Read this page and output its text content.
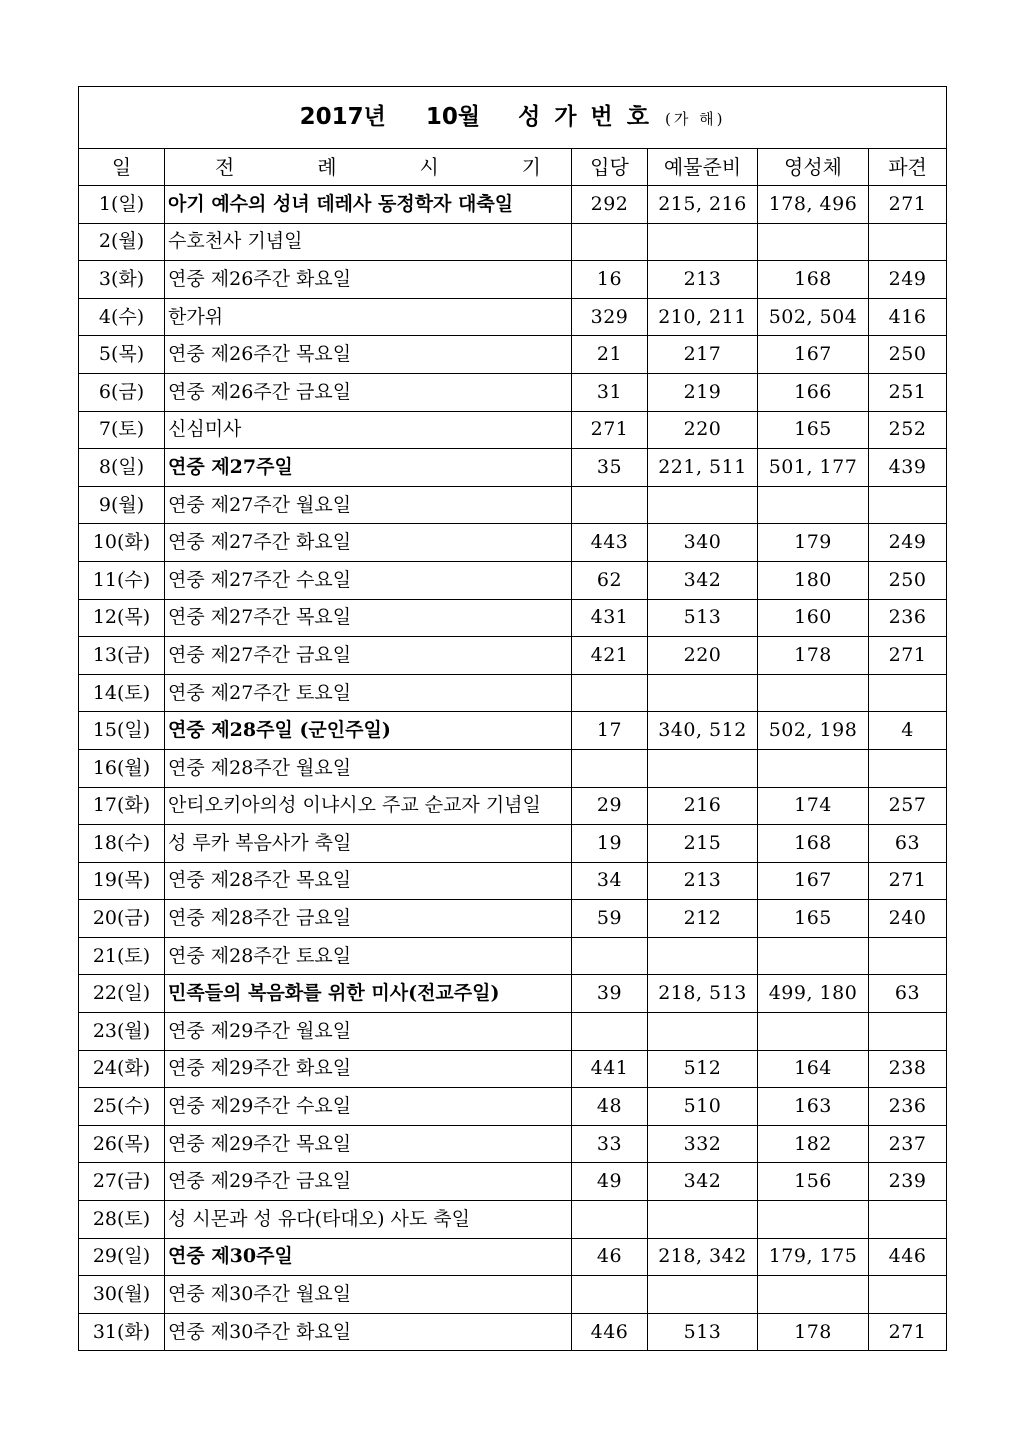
2017년 10월 성가번호 (가 해)					
일	전 례 시 기	입당	예물준비	영성체	파견
1(일)	아기 예수의 성녀 데레사 동정학자 대축일	292	215, 216	178, 496	271
2(월)	수호천사 기념일				
3(화)	연중 제26주간 화요일	16	213	168	249
4(수)	한가위	329	210, 211	502, 504	416
5(목)	연중 제26주간 목요일	21	217	167	250
6(금)	연중 제26주간 금요일	31	219	166	251
7(토)	신심미사	271	220	165	252
8(일)	연중 제27주일	35	221, 511	501, 177	439
9(월)	연중 제27주간 월요일				
10(화)	연중 제27주간 화요일	443	340	179	249
11(수)	연중 제27주간 수요일	62	342	180	250
12(목)	연중 제27주간 목요일	431	513	160	236
13(금)	연중 제27주간 금요일	421	220	178	271
14(토)	연중 제27주간 토요일				
15(일)	연중 제28주일 (군인주일)	17	340, 512	502, 198	4
16(월)	연중 제28주간 월요일				
17(화)	안티오키아의성 이냐시오 주교 순교자 기념일	29	216	174	257
18(수)	성 루카 복음사가 축일	19	215	168	63
19(목)	연중 제28주간 목요일	34	213	167	271
20(금)	연중 제28주간 금요일	59	212	165	240
21(토)	연중 제28주간 토요일				
22(일)	민족들의 복음화를 위한 미사(전교주일)	39	218, 513	499, 180	63
23(월)	연중 제29주간 월요일				
24(화)	연중 제29주간 화요일	441	512	164	238
25(수)	연중 제29주간 수요일	48	510	163	236
26(목)	연중 제29주간 목요일	33	332	182	237
27(금)	연중 제29주간 금요일	49	342	156	239
28(토)	성 시몬과 성 유다(타대오) 사도 축일				
29(일)	연중 제30주일	46	218, 342	179, 175	446
30(월)	연중 제30주간 월요일				
31(화)	연중 제30주간 화요일	446	513	178	271
